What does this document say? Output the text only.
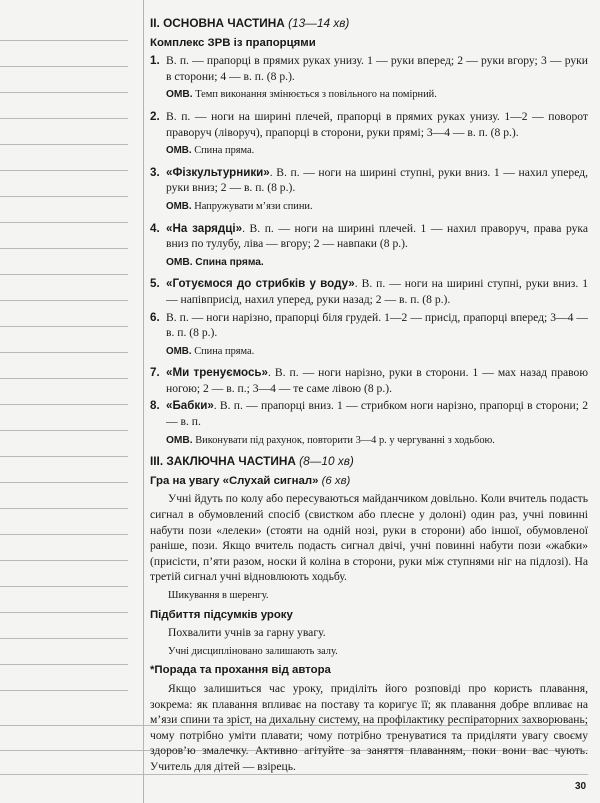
II. ОСНОВНА ЧАСТИНА (13—14 хв)
Комплекс ЗРВ із прапорцями
1. В. п. — прапорці в прямих руках унизу. 1 — руки вперед; 2 — руки вгору; 3 — руки в сторони; 4 — в. п. (8 р.).
ОМВ. Темп виконання змінюється з повільного на помірний.
2. В. п. — ноги на ширині плечей, прапорці в прямих руках унизу. 1—2 — поворот праворуч (ліворуч), прапорці в сторони, руки прямі; 3—4 — в. п. (8 р.).
ОМВ. Спина пряма.
3. «Фізкультурники». В. п. — ноги на ширині ступні, руки вниз. 1 — нахил уперед, руки вниз; 2 — в. п. (8 р.).
ОМВ. Напружувати м’язи спини.
4. «На зарядці». В. п. — ноги на ширині плечей. 1 — нахил праворуч, права рука вниз по тулубу, ліва — вгору; 2 — навпаки (8 р.).
ОМВ. Спина пряма.
5. «Готуємося до стрибків у воду». В. п. — ноги на ширині ступні, руки вниз. 1 — напівприсід, нахил уперед, руки назад; 2 — в. п. (8 р.).
6. В. п. — ноги нарізно, прапорці біля грудей. 1—2 — присід, прапорці вперед; 3—4 — в. п. (8 р.).
ОМВ. Спина пряма.
7. «Ми тренуємось». В. п. — ноги нарізно, руки в сторони. 1 — мах назад правою ногою; 2 — в. п.; 3—4 — те саме лівою (8 р.).
8. «Бабки». В. п. — прапорці вниз. 1 — стрибком ноги нарізно, прапорці в сторони; 2 — в. п.
ОМВ. Виконувати під рахунок, повторити 3—4 р. у чергуванні з ходьбою.
III. ЗАКЛЮЧНА ЧАСТИНА (8—10 хв)
Гра на увагу «Слухай сигнал» (6 хв)
Учні йдуть по колу або пересуваються майданчиком довільно. Коли вчитель подасть сигнал в обумовлений спосіб (свистком або плесне у долоні) один раз, учні повинні набути пози «лелеки» (стояти на одній нозі, руки в сторони) або іншої, обумовленої раніше, пози. Якщо вчитель подасть сигнал двічі, учні повинні набути пози «жабки» (присісти, п’яти разом, носки й коліна в сторони, руки між ступнями ніг на підлозі). На третій сигнал учні відновлюють ходьбу.
Шикування в шеренгу.
Підбиття підсумків уроку
Похвалити учнів за гарну увагу.
Учні дисципліновано залишають залу.
*Порада та прохання від автора
Якщо залишиться час уроку, приділіть його розповіді про користь плавання, зокрема: як плавання впливає на поставу та коригує її; як плавання добре впливає на м’язи спини та зріст, на дихальну систему, на профілактику респіраторних захворювань; чому потрібно уміти плавати; чому потрібно тренуватися та приділяти увагу своєму здоров’ю змалечку. Активно агітуйте за заняття плаванням, поки вони вас чують. Учитель для дітей — взірець.
30
